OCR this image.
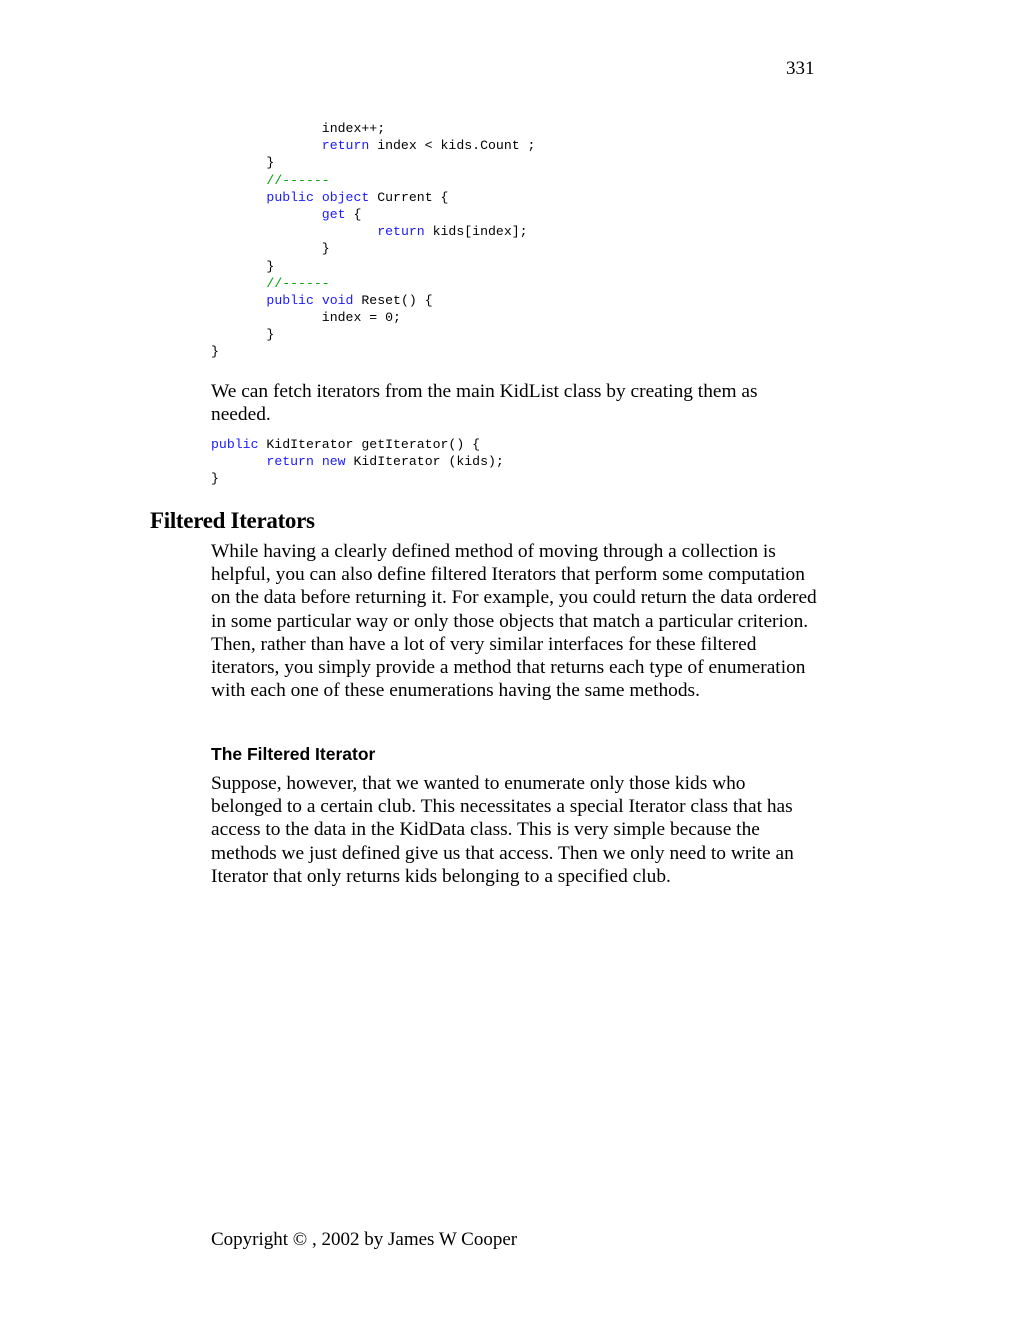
331
index++;
return index < kids.Count ;
}
//------
public object Current {
get {
return kids[index];
}
}
//------
public void Reset() {
index = 0;
}
}

We can fetch iterators from the main KidList class by creating them as needed.

public KidIterator getIterator() {
return new KidIterator (kids);
}
Filtered Iterators

While having a clearly defined method of moving through a collection is helpful, you can also define filtered Iterators that perform some computation on the data before returning it. For example, you could return the data ordered in some particular way or only those objects that match a particular criterion. Then, rather than have a lot of very similar interfaces for these filtered iterators, you simply provide a method that returns each type of enumeration with each one of these enumerations having the same methods.

The Filtered Iterator

Suppose, however, that we wanted to enumerate only those kids who belonged to a certain club. This necessitates a special Iterator class that has access to the data in the KidData class. This is very simple because the methods we just defined give us that access. Then we only need to write an Iterator that only returns kids belonging to a specified club.

Copyright © , 2002 by James W Cooper
